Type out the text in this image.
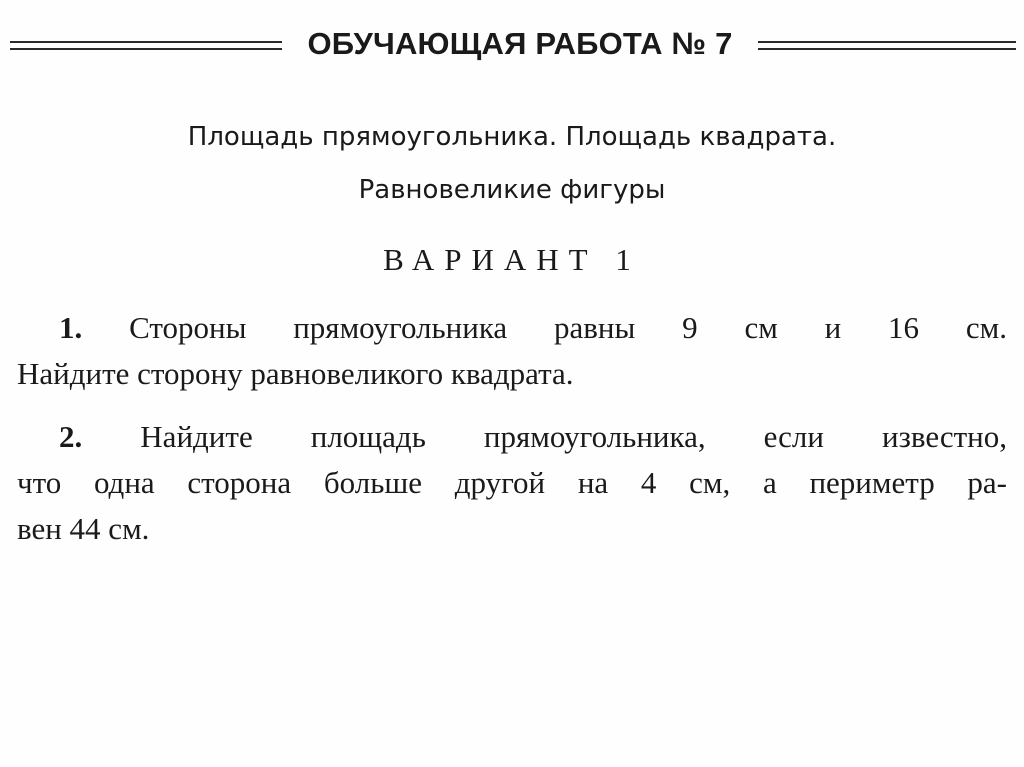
ОБУЧАЮЩАЯ РАБОТА № 7
Площадь прямоугольника. Площадь квадрата.
Равновеликие фигуры
ВАРИАНТ 1
1. Стороны прямоугольника равны 9 см и 16 см.
Найдите сторону равновеликого квадрата.
2. Найдите площадь прямоугольника, если известно,
что одна сторона больше другой на 4 см, а периметр ра-
вен 44 см.
